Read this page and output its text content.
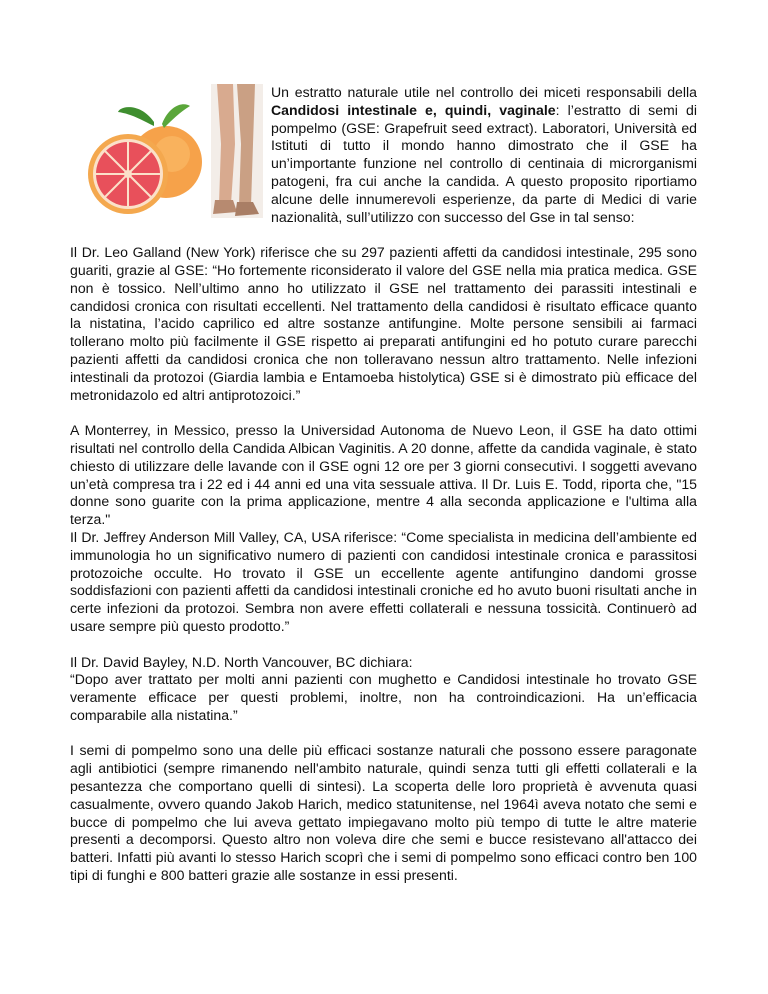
Un estratto naturale utile nel controllo dei miceti responsabili della Candidosi intestinale e, quindi, vaginale: l’estratto di semi di pompelmo (GSE: Grapefruit seed extract). Laboratori, Università ed Istituti di tutto il mondo hanno dimostrato che il GSE ha un’importante funzione nel controllo di centinaia di microrganismi patogeni, fra cui anche la candida. A questo proposito riportiamo alcune delle innumerevoli esperienze, da parte di Medici di varie nazionalità, sull’utilizzo con successo del Gse in tal senso:

Il Dr. Leo Galland (New York) riferisce che su 297 pazienti affetti da candidosi intestinale, 295 sono guariti, grazie al GSE: “Ho fortemente riconsiderato il valore del GSE nella mia pratica medica. GSE non è tossico. Nell’ultimo anno ho utilizzato il GSE nel trattamento dei parassiti intestinali e candidosi cronica con risultati eccellenti. Nel trattamento della candidosi è risultato efficace quanto la nistatina, l’acido caprilico ed altre sostanze antifungine. Molte persone sensibili ai farmaci tollerano molto più facilmente il GSE rispetto ai preparati antifungini ed ho potuto curare parecchi pazienti affetti da candidosi cronica che non tolleravano nessun altro trattamento. Nelle infezioni intestinali da protozoi (Giardia lambia e Entamoeba histolytica) GSE si è dimostrato più efficace del metronidazolo ed altri antiprotozoici.”

A Monterrey, in Messico, presso la Universidad Autonoma de Nuevo Leon, il GSE ha dato ottimi risultati nel controllo della Candida Albican Vaginitis. A 20 donne, affette da candida vaginale, è stato chiesto di utilizzare delle lavande con il GSE ogni 12 ore per 3 giorni consecutivi. I soggetti avevano un’età compresa tra i 22 ed i 44 anni ed una vita sessuale attiva. Il Dr. Luis E. Todd, riporta che, "15 donne sono guarite con la prima applicazione, mentre 4 alla seconda applicazione e l'ultima alla terza."

Il Dr. Jeffrey Anderson Mill Valley, CA, USA riferisce: “Come specialista in medicina dell’ambiente ed immunologia ho un significativo numero di pazienti con candidosi intestinale cronica e parassitosi protozoiche occulte. Ho trovato il GSE un eccellente agente antifungino dandomi grosse soddisfazioni con pazienti affetti da candidosi intestinali croniche ed ho avuto buoni risultati anche in certe infezioni da protozoi. Sembra non avere effetti collaterali e nessuna tossicità. Continuerò ad usare sempre più questo prodotto.”

Il Dr. David Bayley, N.D. North Vancouver, BC dichiara:

“Dopo aver trattato per molti anni pazienti con mughetto e Candidosi intestinale ho trovato GSE veramente efficace per questi problemi, inoltre, non ha controindicazioni. Ha un’efficacia comparabile alla nistatina.”

I semi di pompelmo sono una delle più efficaci sostanze naturali che possono essere paragonate agli antibiotici (sempre rimanendo nell'ambito naturale, quindi senza tutti gli effetti collaterali e la pesantezza che comportano quelli di sintesi). La scoperta delle loro proprietà è avvenuta quasi casualmente, ovvero quando Jakob Harich, medico statunitense, nel 1964ì aveva notato che semi e bucce di pompelmo che lui aveva gettato impiegavano molto più tempo di tutte le altre materie presenti a decomporsi. Questo altro non voleva dire che semi e bucce resistevano all'attacco dei batteri. Infatti più avanti lo stesso Harich scoprì che i semi di pompelmo sono efficaci contro ben 100 tipi di funghi e 800 batteri grazie alle sostanze in essi presenti.
